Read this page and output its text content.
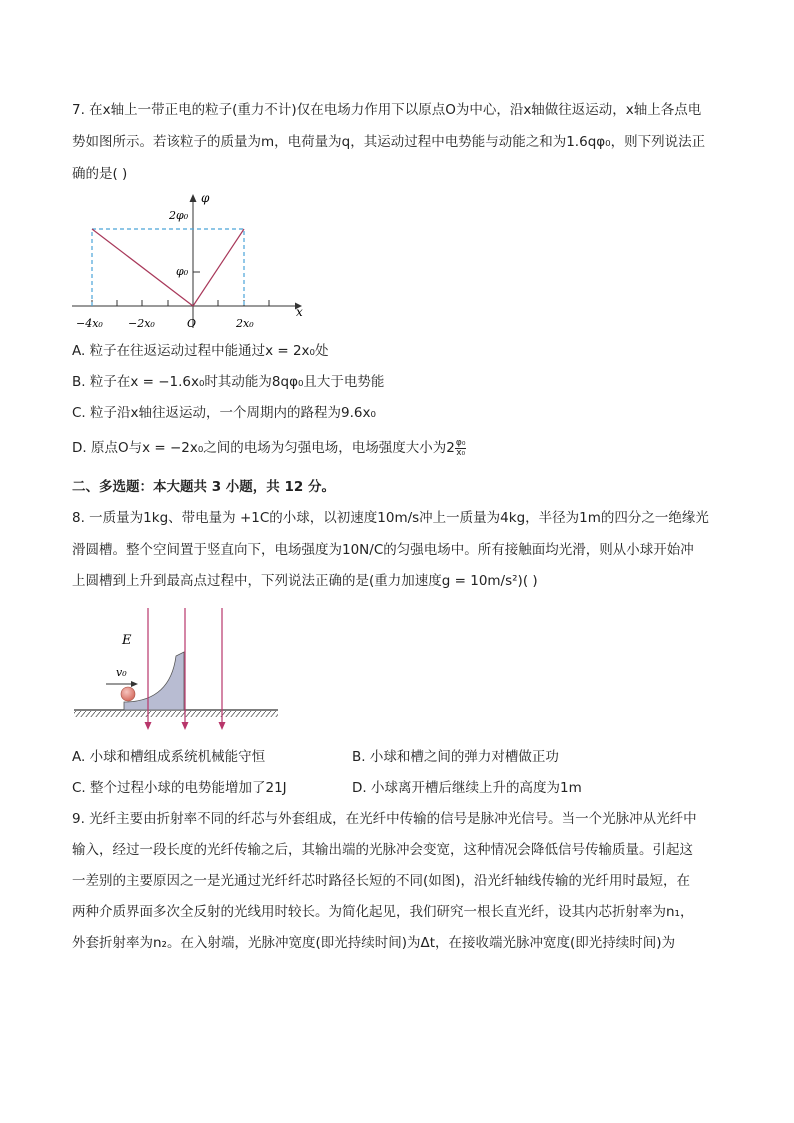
7. 在x轴上一带正电的粒子(重力不计)仅在电场力作用下以原点O为中心，沿x轴做往返运动，x轴上各点电
势如图所示。若该粒子的质量为m，电荷量为q，其运动过程中电势能与动能之和为1.6qφ₀，则下列说法正
确的是( )
φ
x
2φ₀
φ₀
−4x₀ −2x₀	O	2x₀
A. 粒子在往返运动过程中能通过x = 2x₀处
B. 粒子在x = −1.6x₀时其动能为8qφ₀且大于电势能
C. 粒子沿x轴往返运动，一个周期内的路程为9.6x₀
D. 原点O与x = −2x₀之间的电场为匀强电场，电场强度大小为$2 \frac{\text{φ₀}}{\text{x₀}}$
二、多选题：本大题共 3 小题，共 12 分。
8. 一质量为1kg、带电量为 +1C的小球，以初速度10m/s冲上一质量为4kg，半径为1m的四分之一绝缘光
滑圆槽。整个空间置于竖直向下，电场强度为10N/C的匀强电场中。所有接触面均光滑，则从小球开始冲
上圆槽到上升到最高点过程中，下列说法正确的是(重力加速度g = 10m/s²)( )
E
v₀
A. 小球和槽组成系统机械能守恒	B. 小球和槽之间的弹力对槽做正功
C. 整个过程小球的电势能增加了21J	D. 小球离开槽后继续上升的高度为1m
9. 光纤主要由折射率不同的纤芯与外套组成，在光纤中传输的信号是脉冲光信号。当一个光脉冲从光纤中
输入，经过一段长度的光纤传输之后，其输出端的光脉冲会变宽，这种情况会降低信号传输质量。引起这
一差别的主要原因之一是光通过光纤纤芯时路径长短的不同(如图)，沿光纤轴线传输的光纤用时最短，在
两种介质界面多次全反射的光线用时较长。为简化起见，我们研究一根长直光纤，设其内芯折射率为n₁，
外套折射率为n₂。在入射端，光脉冲宽度(即光持续时间)为Δt，在接收端光脉冲宽度(即光持续时间)为
